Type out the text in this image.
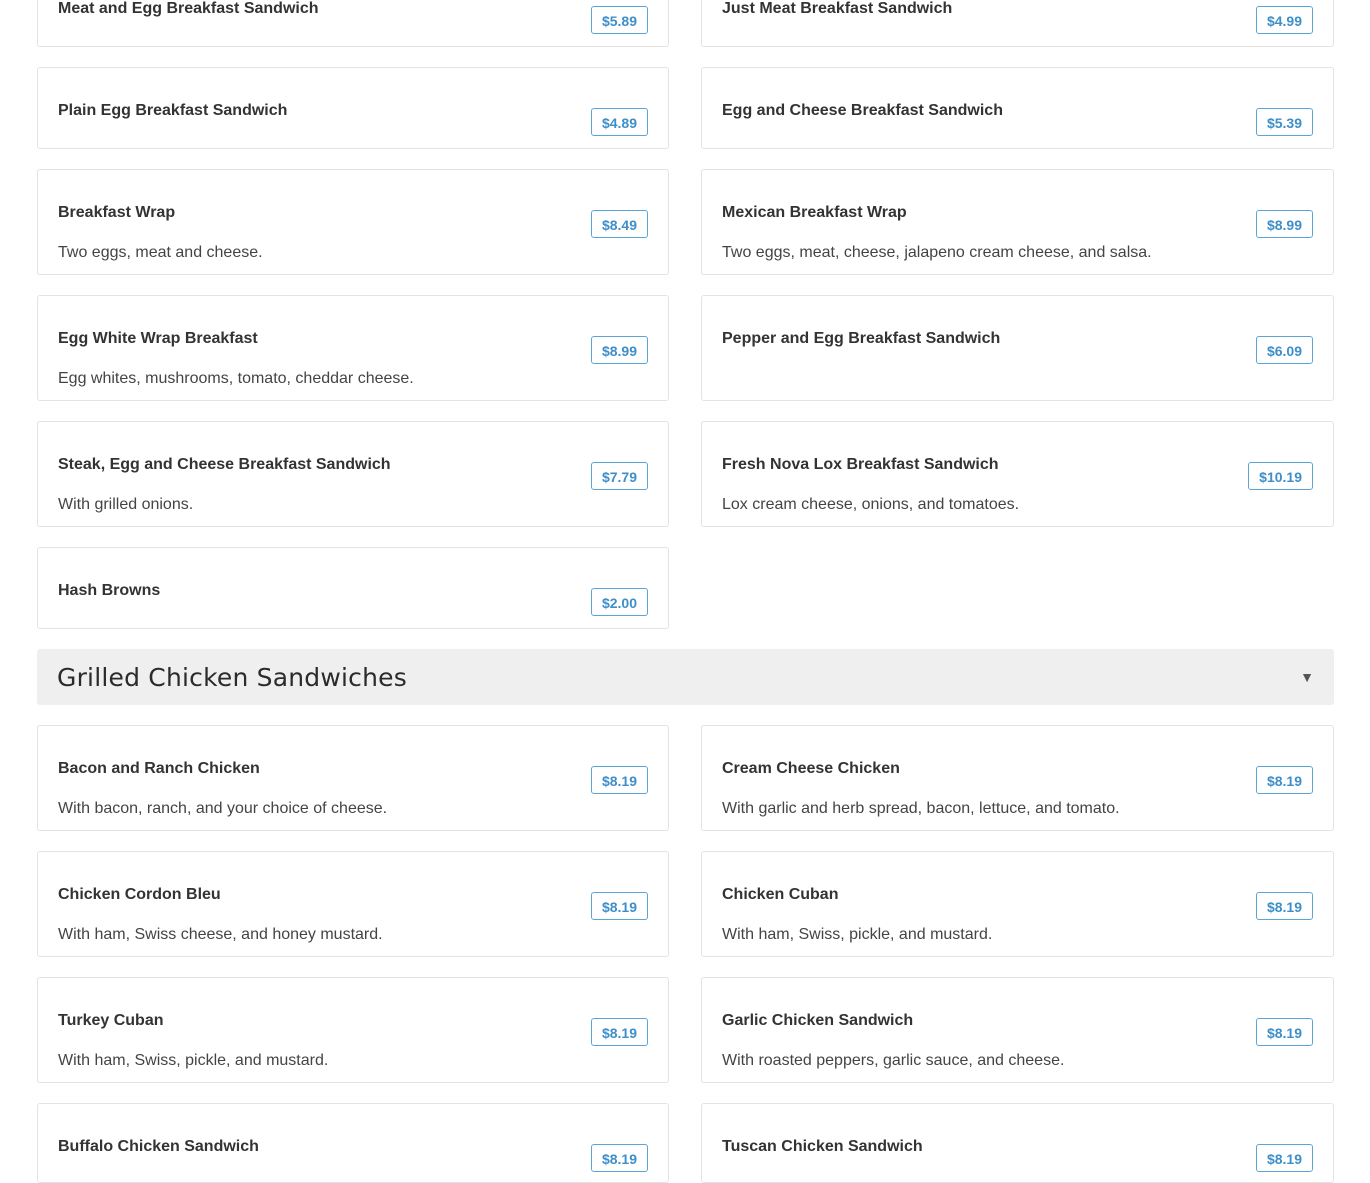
Meat and Egg Breakfast Sandwich
$5.89
Just Meat Breakfast Sandwich
$4.99
Plain Egg Breakfast Sandwich
$4.89
Egg and Cheese Breakfast Sandwich
$5.39
Breakfast Wrap
Two eggs, meat and cheese.
$8.49
Mexican Breakfast Wrap
Two eggs, meat, cheese, jalapeno cream cheese, and salsa.
$8.99
Egg White Wrap Breakfast
Egg whites, mushrooms, tomato, cheddar cheese.
$8.99
Pepper and Egg Breakfast Sandwich
$6.09
Steak, Egg and Cheese Breakfast Sandwich
With grilled onions.
$7.79
Fresh Nova Lox Breakfast Sandwich
Lox cream cheese, onions, and tomatoes.
$10.19
Hash Browns
$2.00
Grilled Chicken Sandwiches	▼
Bacon and Ranch Chicken
With bacon, ranch, and your choice of cheese.
$8.19
Cream Cheese Chicken
With garlic and herb spread, bacon, lettuce, and tomato.
$8.19
Chicken Cordon Bleu
With ham, Swiss cheese, and honey mustard.
$8.19
Chicken Cuban
With ham, Swiss, pickle, and mustard.
$8.19
Turkey Cuban
With ham, Swiss, pickle, and mustard.
$8.19
Garlic Chicken Sandwich
With roasted peppers, garlic sauce, and cheese.
$8.19
Buffalo Chicken Sandwich
$8.19
Tuscan Chicken Sandwich
$8.19
